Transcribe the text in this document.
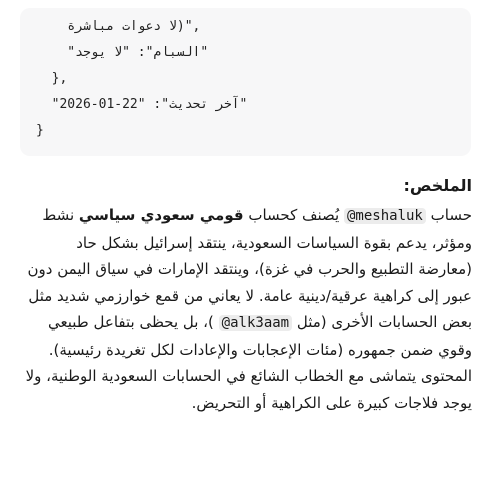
لا دعوات مباشرة)",
"السبام": "لا يوجد"
},
"آخر تحديث": "22-01-2026"
}
الملخص:

حساب @meshaluk يُصنف كحساب قومي سعودي سياسي نشط ومؤثر، يدعم بقوة السياسات السعودية، ينتقد إسرائيل بشكل حاد (معارضة التطبيع والحرب في غزة)، وينتقد الإمارات في سياق اليمن دون عبور إلى كراهية عرقية/دينية عامة. لا يعاني من قمع خوارزمي شديد مثل بعض الحسابات الأخرى (مثل @alk3aam )، بل يحظى بتفاعل طبيعي وقوي ضمن جمهوره (مئات الإعجابات والإعادات لكل تغريدة رئيسية). المحتوى يتماشى مع الخطاب الشائع في الحسابات السعودية الوطنية، ولا يوجد فلاجات كبيرة على الكراهية أو التحريض.
